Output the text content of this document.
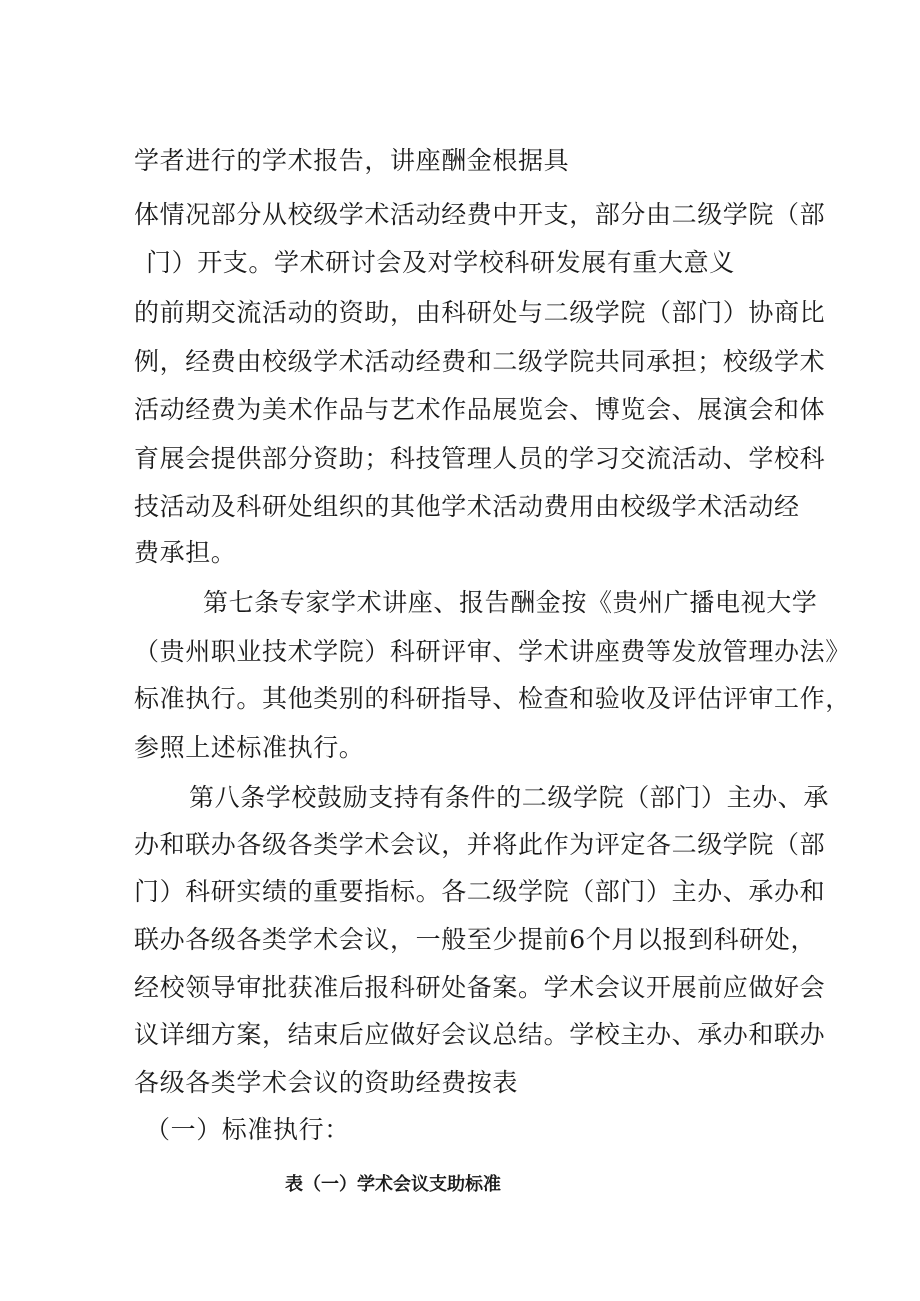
学者进行的学术报告，讲座酬金根据具

体情况部分从校级学术活动经费中开支，部分由二级学院（部

门）开支。学术研讨会及对学校科研发展有重大意义

的前期交流活动的资助，由科研处与二级学院（部门）协商比

例，经费由校级学术活动经费和二级学院共同承担；校级学术

活动经费为美术作品与艺术作品展览会、博览会、展演会和体

育展会提供部分资助；科技管理人员的学习交流活动、学校科

技活动及科研处组织的其他学术活动费用由校级学术活动经

费承担。

第七条专家学术讲座、报告酬金按《贵州广播电视大学

（贵州职业技术学院）科研评审、学术讲座费等发放管理办法》

标准执行。其他类别的科研指导、检查和验收及评估评审工作，

参照上述标准执行。

第八条学校鼓励支持有条件的二级学院（部门）主办、承

办和联办各级各类学术会议，并将此作为评定各二级学院（部

门）科研实绩的重要指标。各二级学院（部门）主办、承办和

联办各级各类学术会议，一般至少提前6个月以报到科研处，

经校领导审批获准后报科研处备案。学术会议开展前应做好会

议详细方案，结束后应做好会议总结。学校主办、承办和联办

各级各类学术会议的资助经费按表

（一）标准执行：

表（一）学术会议支助标准
